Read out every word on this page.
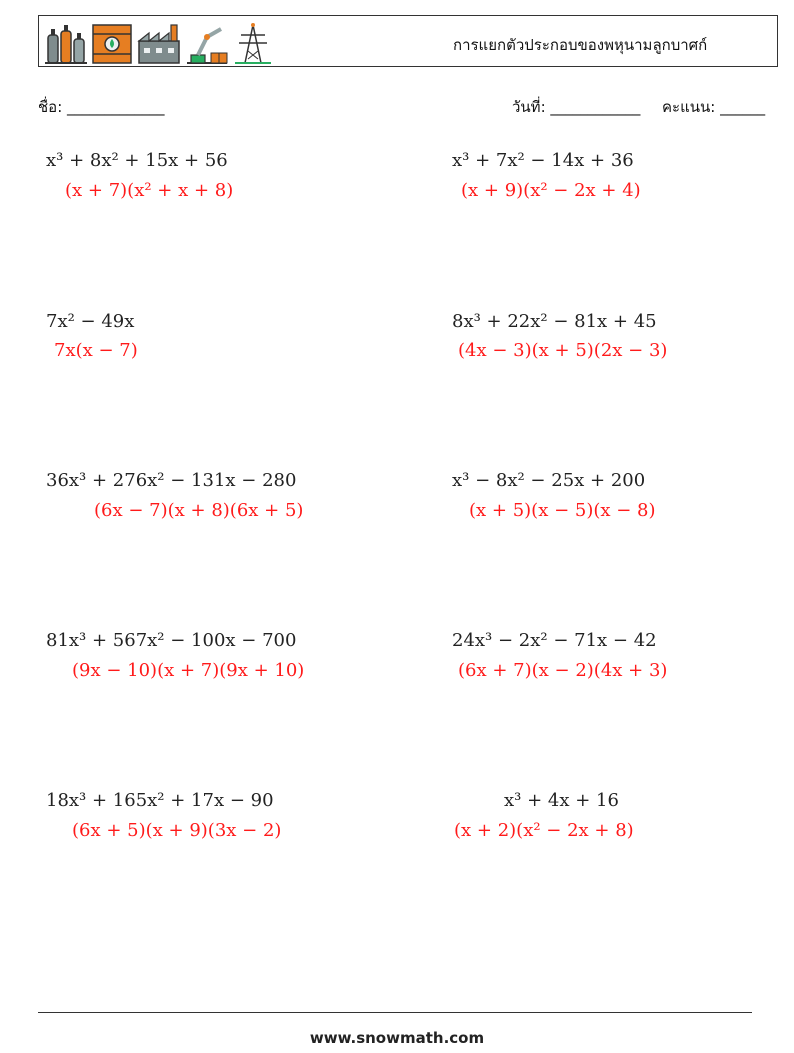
การแยกตัวประกอบของพหุนามลูกบาศก์
ชื่อ: _____________	วันที่: ____________ คะแนน: ______
x³ + 8x² + 15x + 56
(x + 7)(x² + x + 8)
x³ + 7x² − 14x + 36
(x + 9)(x² − 2x + 4)
7x² − 49x
7x(x − 7)
8x³ + 22x² − 81x + 45
(4x − 3)(x + 5)(2x − 3)
36x³ + 276x² − 131x − 280
(6x − 7)(x + 8)(6x + 5)
x³ − 8x² − 25x + 200
(x + 5)(x − 5)(x − 8)
81x³ + 567x² − 100x − 700
(9x − 10)(x + 7)(9x + 10)
24x³ − 2x² − 71x − 42
(6x + 7)(x − 2)(4x + 3)
18x³ + 165x² + 17x − 90
(6x + 5)(x + 9)(3x − 2)
x³ + 4x + 16
(x + 2)(x² − 2x + 8)
www.snowmath.com
